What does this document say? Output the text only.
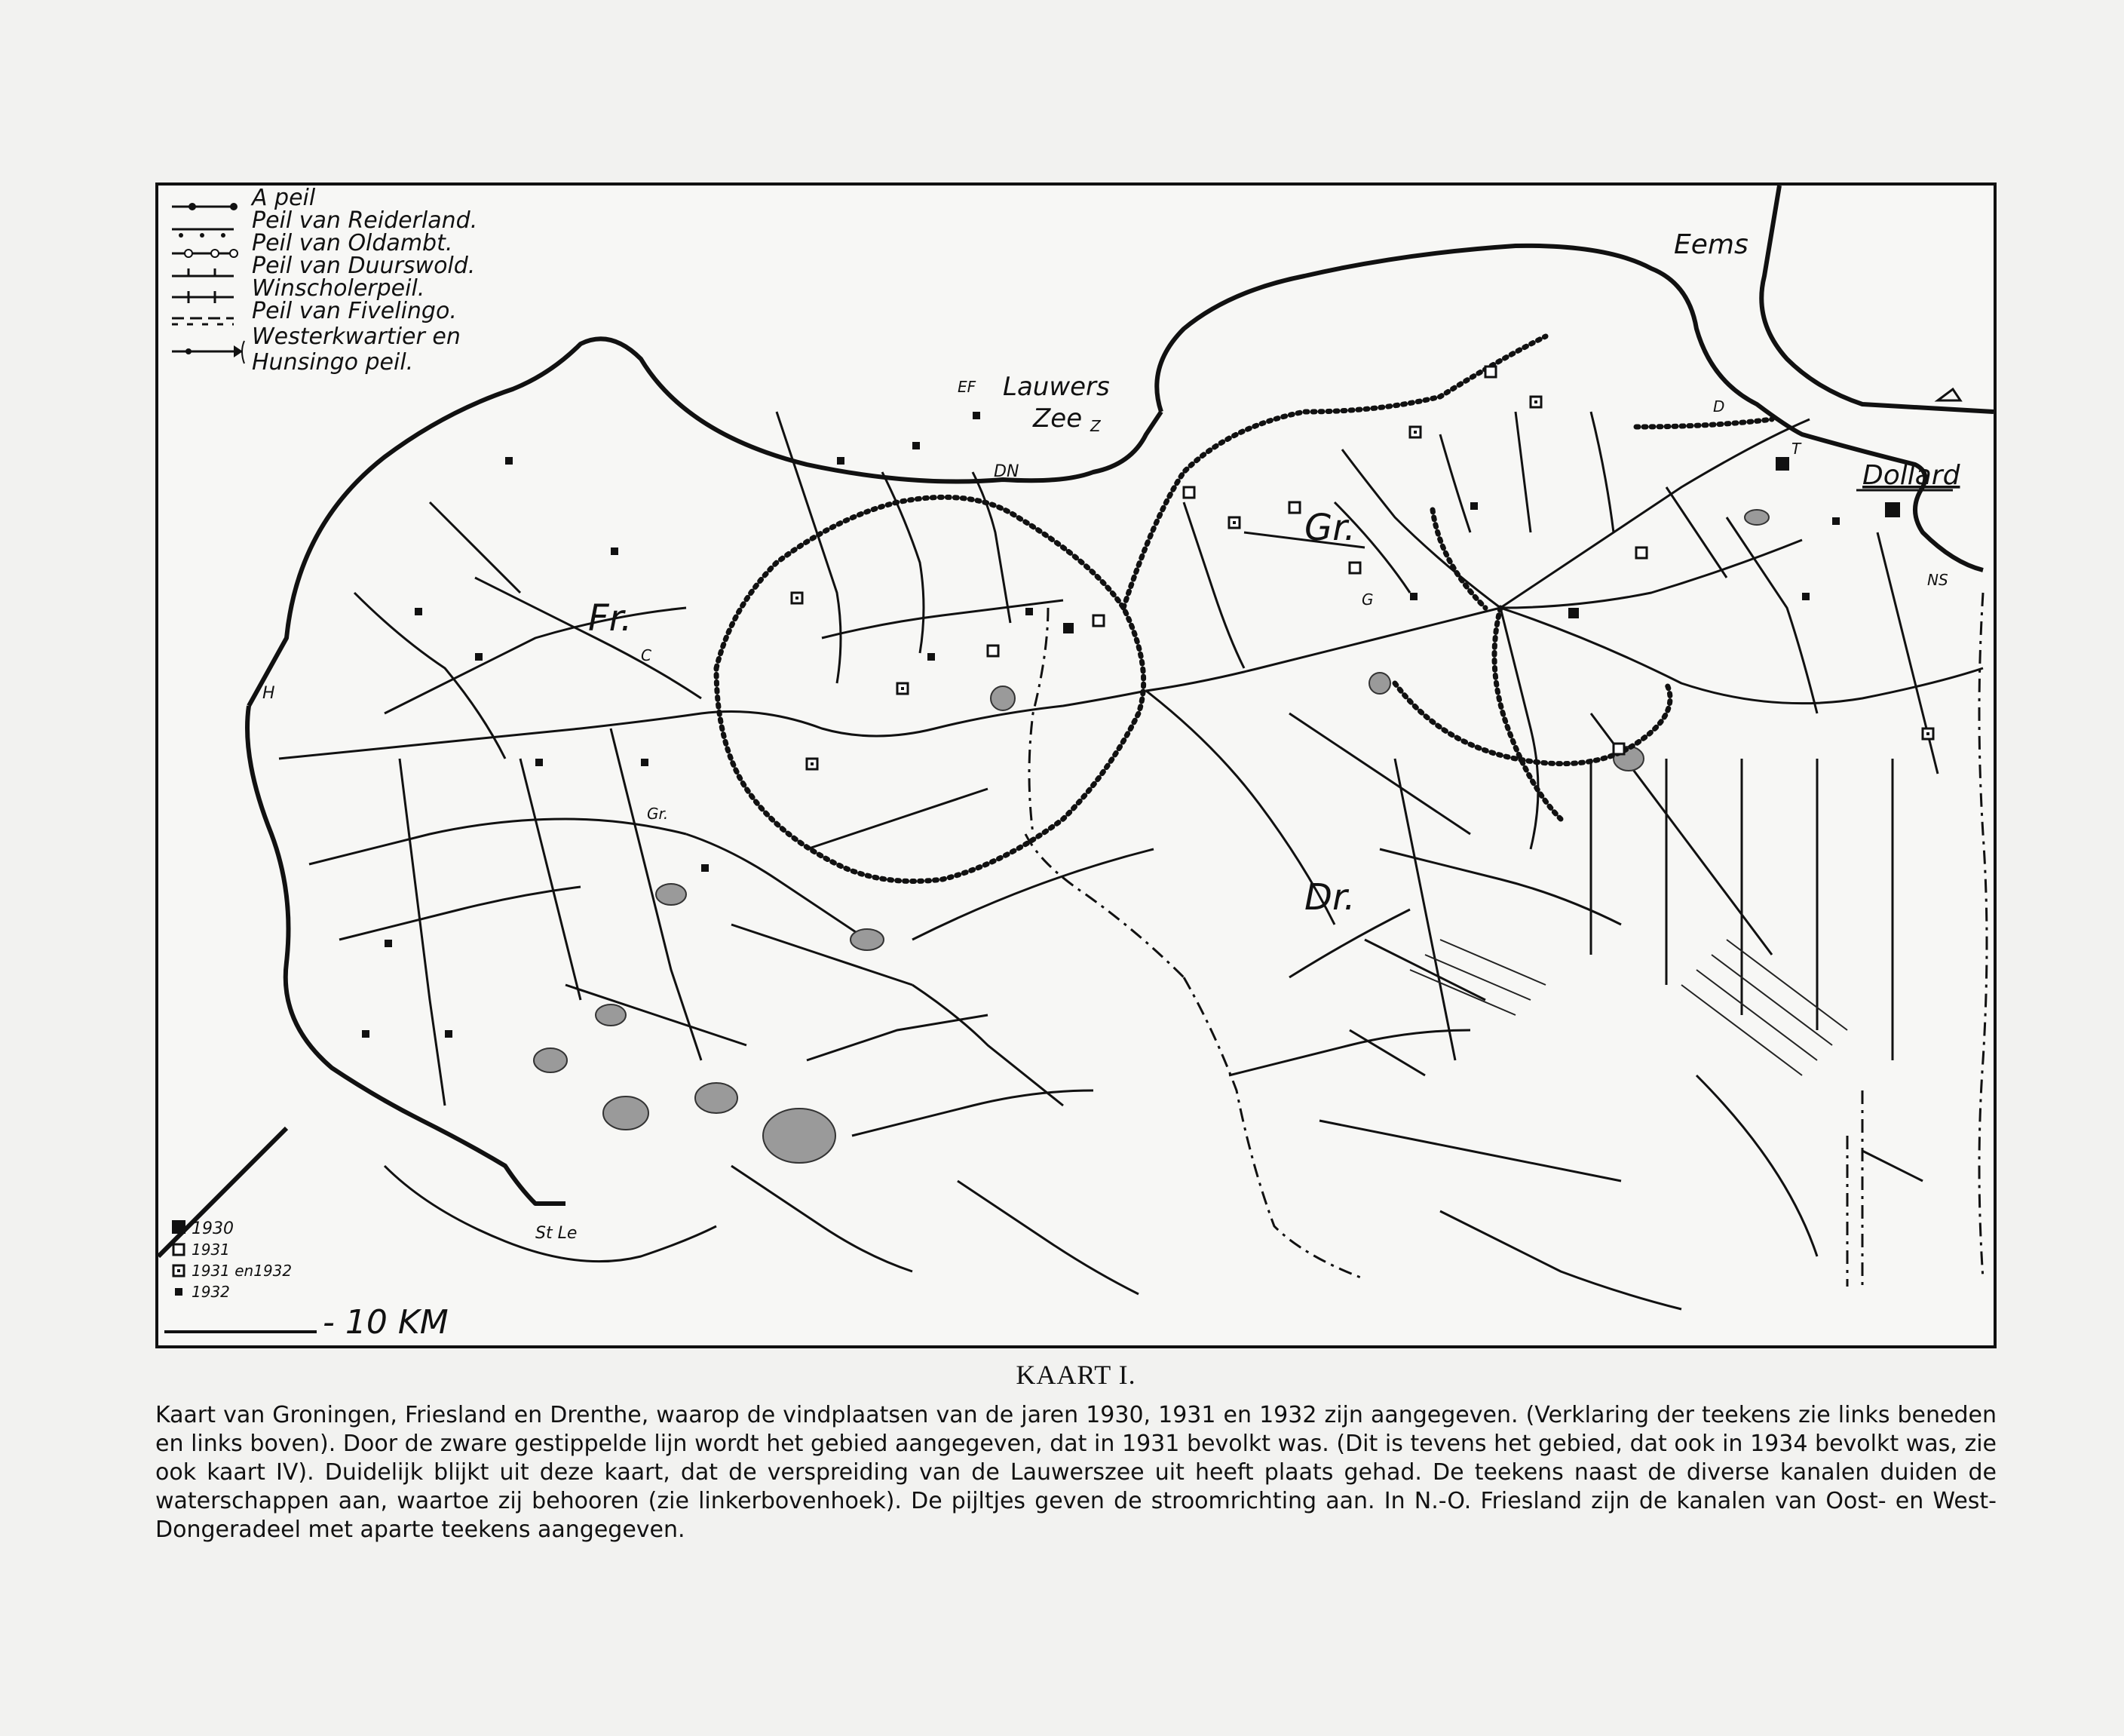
A peil
Peil van Reiderland.
Peil van Oldambt.
Peil van Duurswold.
Winscholerpeil.
Peil van Fivelingo.
Westerkwartier en
Hunsingo peil.
Eems
Lauwers
Zee
Dollard
Fr.
Gr.
Dr.
H
St Le
DN
Z
D
T
NS
EF
C
Gr.
G
1930
1931
1931 en1932
1932
- 10 KM

KAART I.

Kaart van Groningen, Friesland en Drenthe, waarop de vindplaatsen van de jaren 1930, 1931 en 1932 zijn aangegeven. (Verklaring der teekens zie links beneden en links boven). Door de zware gestippelde lijn wordt het gebied aangegeven, dat in 1931 bevolkt was. (Dit is tevens het gebied, dat ook in 1934 bevolkt was, zie ook kaart IV). Duidelijk blijkt uit deze kaart, dat de verspreiding van de Lauwerszee uit heeft plaats gehad. De teekens naast de diverse kanalen duiden de waterschappen aan, waartoe zij behooren (zie linkerbovenhoek). De pijltjes geven de stroomrichting aan. In N.-O. Friesland zijn de kanalen van Oost- en West-Dongeradeel met aparte teekens aangegeven.
